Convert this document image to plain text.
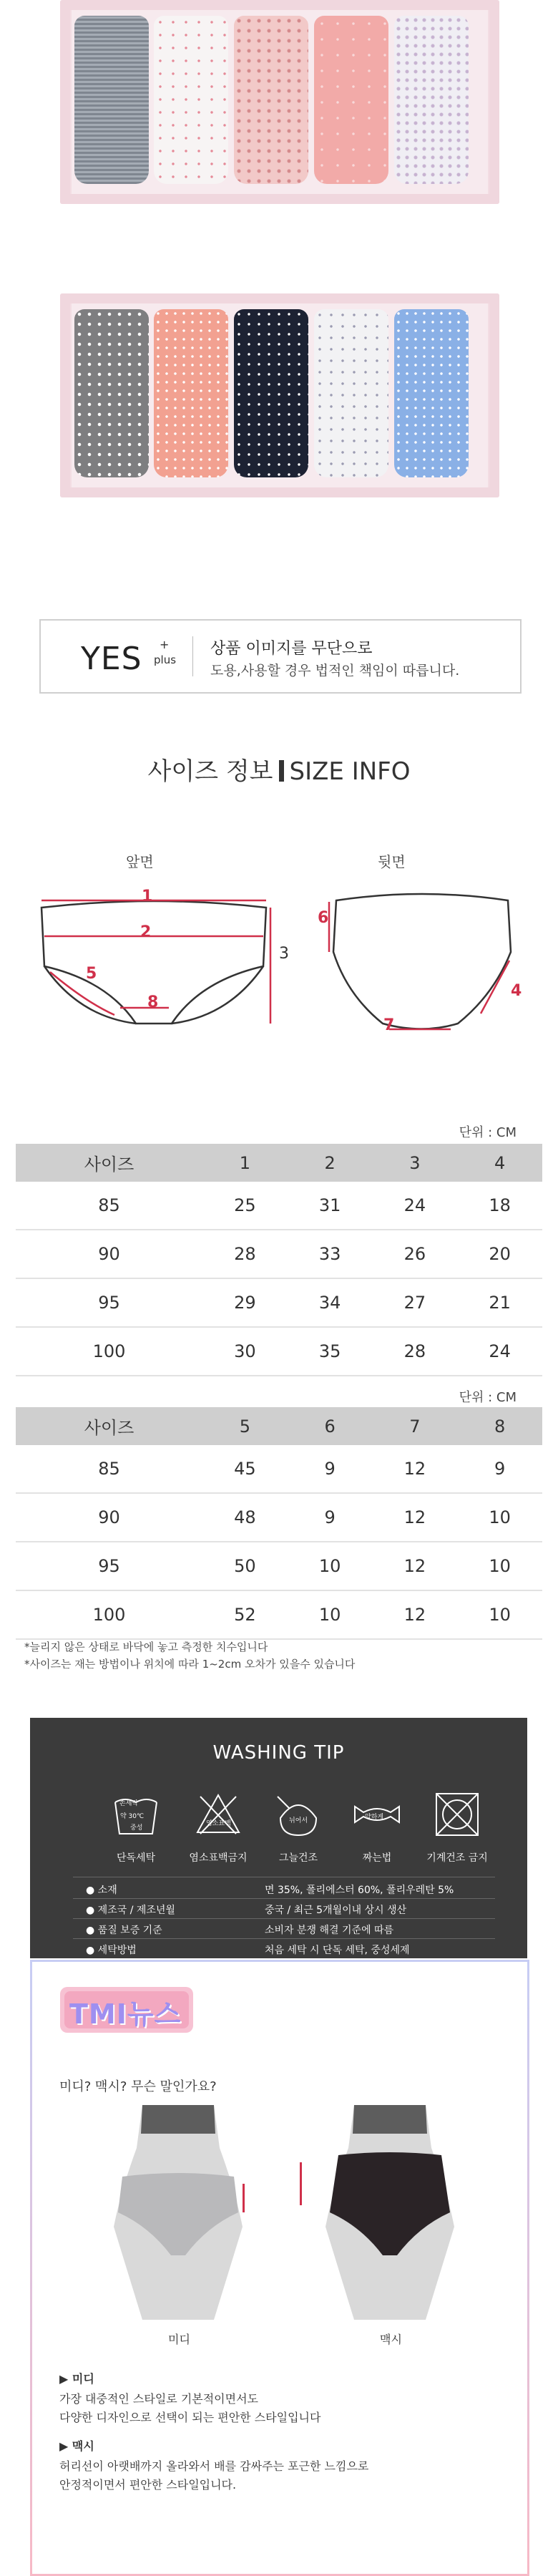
YES +
plus
상품 이미지를 무단으로
도용,사용할 경우 법적인 책임이 따릅니다.
사이즈 정보 SIZE INFO
앞면	뒷면
1
2
3
5
8
6
4
7
단위 : CM
사이즈	1	2	3	4
85	25	31	24	18
90	28	33	26	20
95	29	34	27	21
100	30	35	28	24
단위 : CM
사이즈	5	6	7	8
85	45	9	12	9
90	48	9	12	10
95	50	10	12	10
100	52	10	12	10
*늘리지 않은 상태로 바닥에 놓고 측정한 치수입니다
*사이즈는 재는 방법이나 위치에 따라 1~2cm 오차가 있을수 있습니다
WASHING TIP
손세탁
약 30℃
중성
염소표백	뉘어서	약하게
단독세탁	염소표백금지	그늘건조	짜는법	기계건조 금지
● 소재	면 35%, 폴리에스터 60%, 폴리우레탄 5%
● 제조국 / 제조년월	중국 / 최근 5개월이내 상시 생산
● 품질 보증 기준	소비자 분쟁 해결 기준에 따름
● 세탁방법	처음 세탁 시 단독 세탁, 중성세제
TMI뉴스
미디? 맥시? 무슨 말인가요?
미디	맥시
▶ 미디
가장 대중적인 스타일로 기본적이면서도
다양한 디자인으로 선택이 되는 편안한 스타일입니다
▶ 맥시
허리선이 아랫배까지 올라와서 배를 감싸주는 포근한 느낌으로
안정적이면서 편안한 스타일입니다.
